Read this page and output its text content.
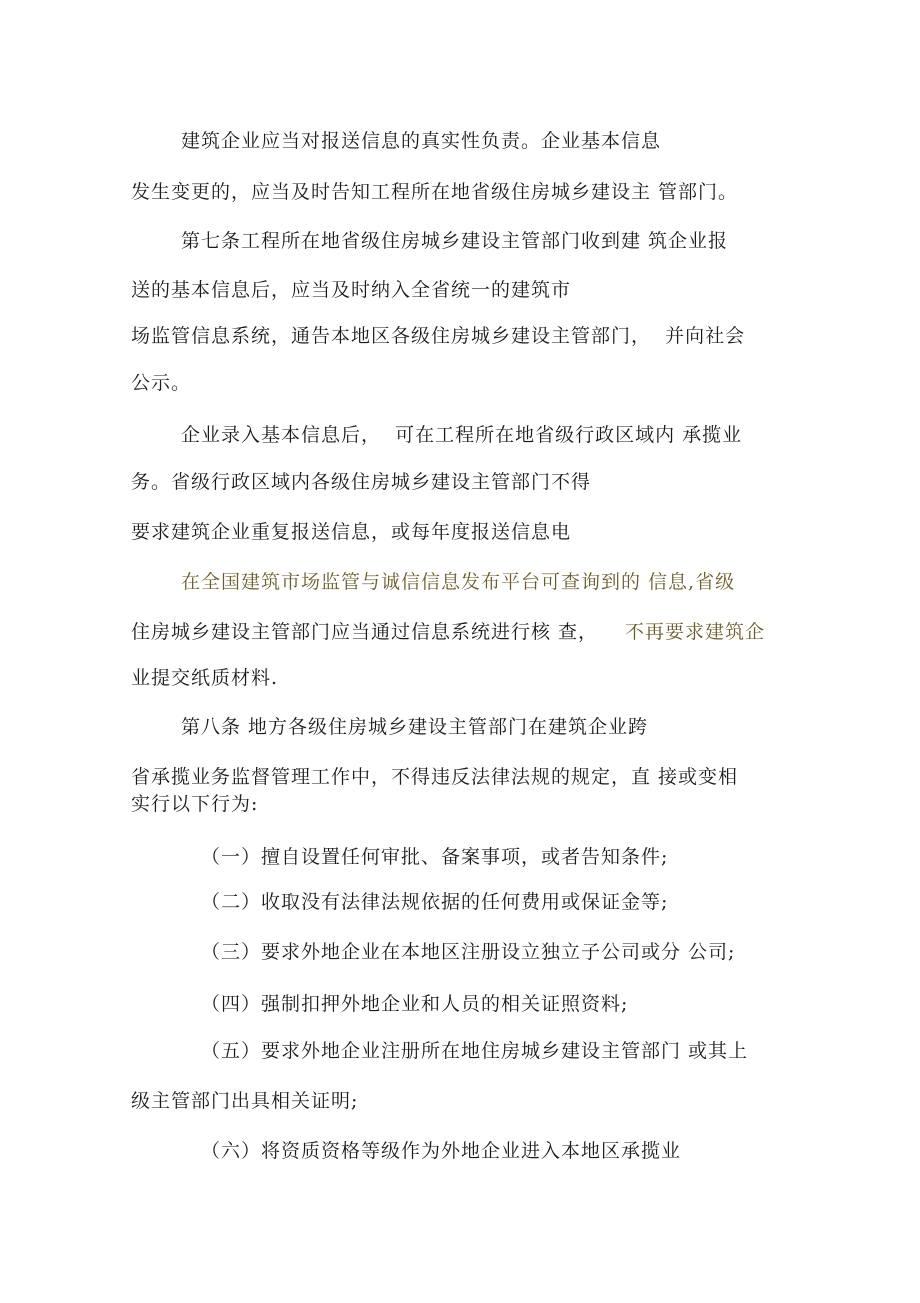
建筑企业应当对报送信息的真实性负责。企业基本信息
发生变更的，应当及时告知工程所在地省级住房城乡建设主 管部门。
第七条工程所在地省级住房城乡建设主管部门收到建 筑企业报
送的基本信息后，应当及时纳入全省统一的建筑市
场监管信息系统，通告本地区各级住房城乡建设主管部门，  并向社会
公示。
企业录入基本信息后，  可在工程所在地省级行政区域内 承揽业
务。省级行政区域内各级住房城乡建设主管部门不得
要求建筑企业重复报送信息，或每年度报送信息电
在全国建筑市场监管与诚信信息发布平台可查询到的 信息,省级
住房城乡建设主管部门应当通过信息系统进行核 查， 不再要求建筑企
业提交纸质材料.
第八条 地方各级住房城乡建设主管部门在建筑企业跨
省承揽业务监督管理工作中，不得违反法律法规的规定，直 接或变相
实行以下行为:
（一）擅自设置任何审批、备案事项，或者告知条件;
（二）收取没有法律法规依据的任何费用或保证金等;
（三）要求外地企业在本地区注册设立独立子公司或分 公司;
（四）强制扣押外地企业和人员的相关证照资料;
（五）要求外地企业注册所在地住房城乡建设主管部门 或其上
级主管部门出具相关证明;
（六）将资质资格等级作为外地企业进入本地区承揽业
